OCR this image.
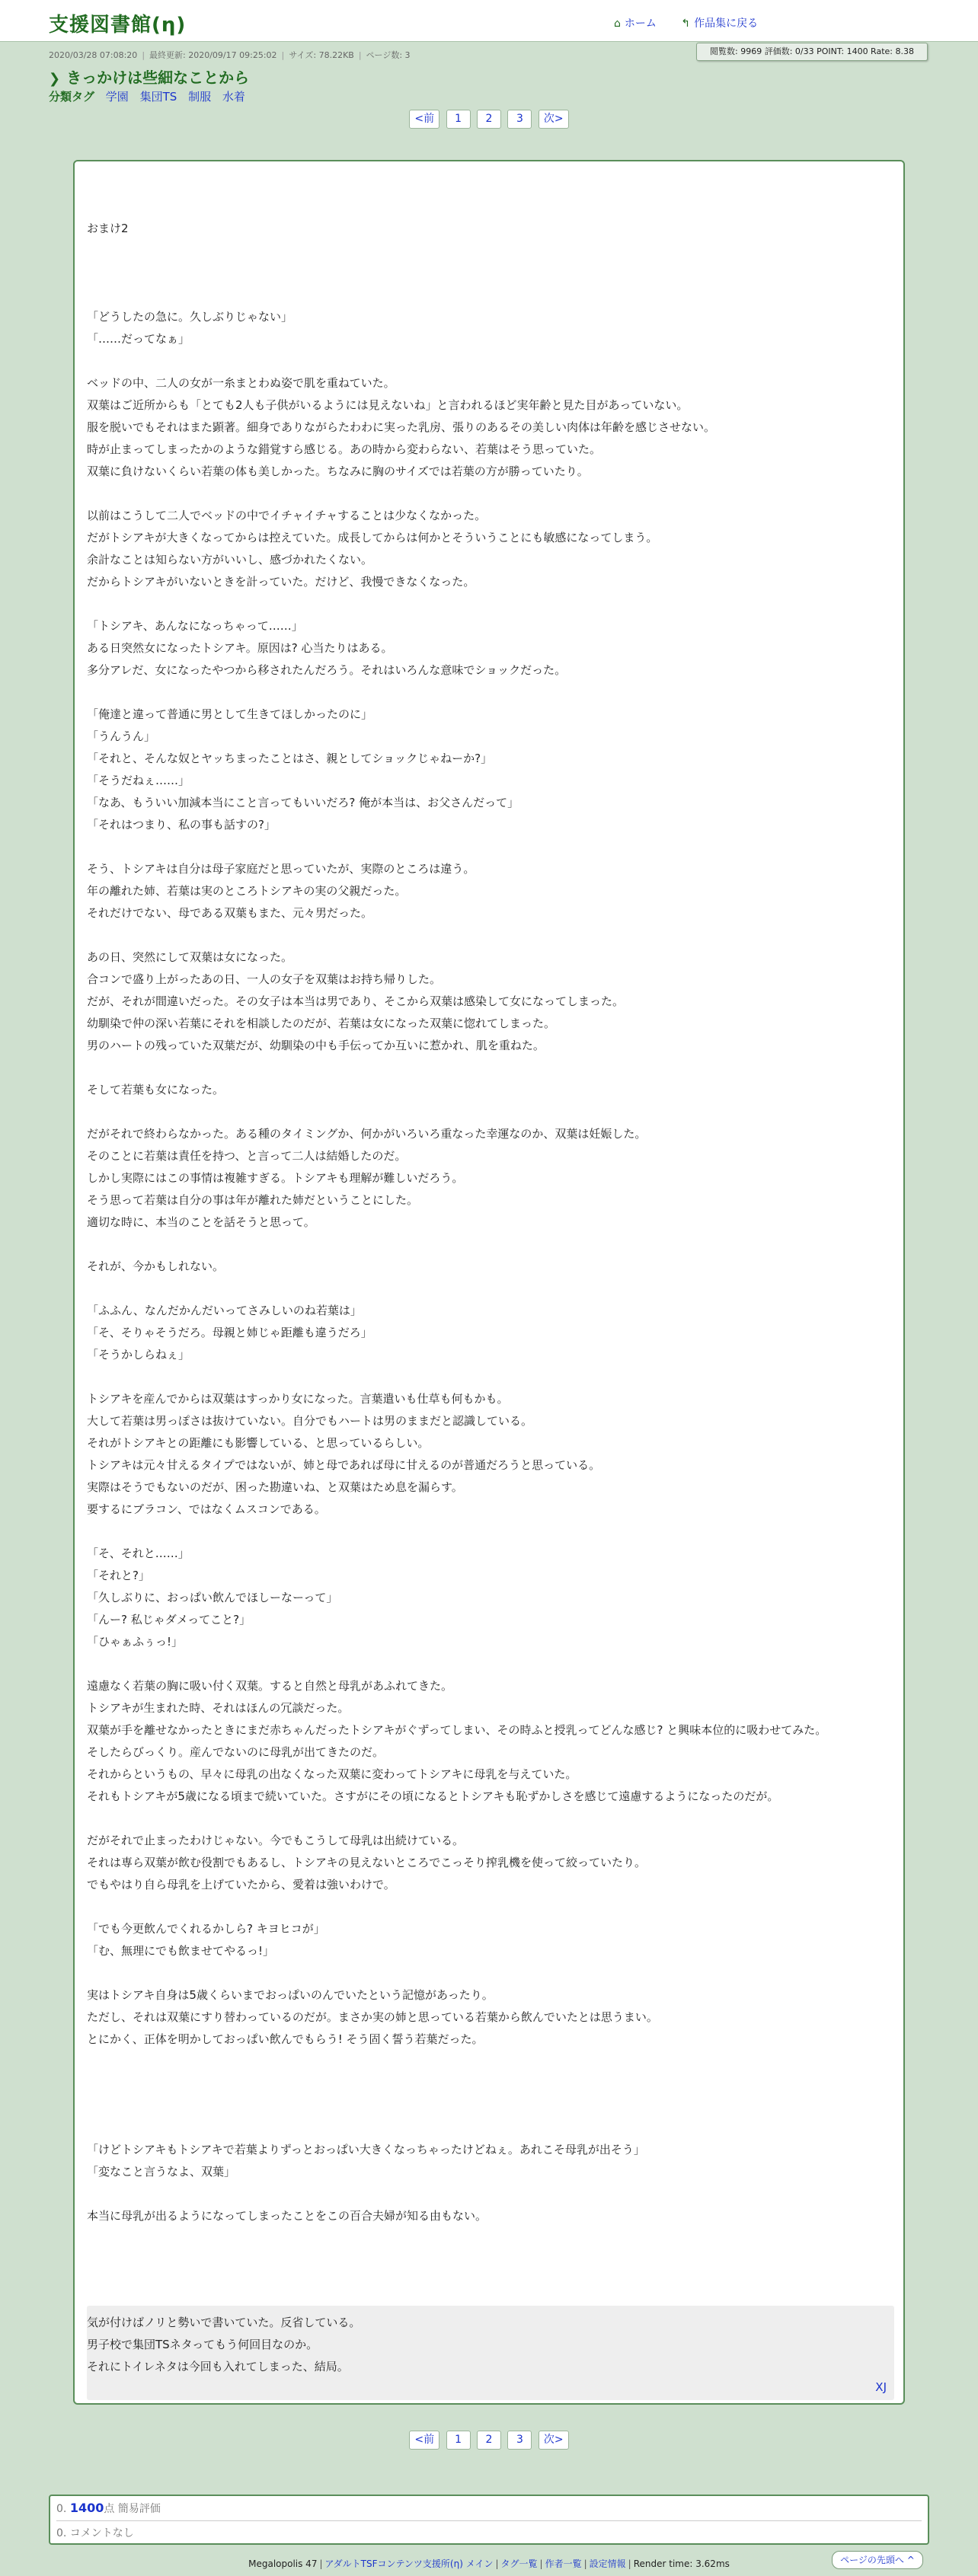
支援図書館(η)	⌂ ホーム ↰ 作品集に戻る
閲覧数: 9969 評価数: 0/33 POINT: 1400 Rate: 8.38
2020/03/28 07:08:20 | 最終更新: 2020/09/17 09:25:02 | サイズ: 78.22KB | ページ数: 3
❯ きっかけは些細なことから
分類タグ 学園 集団TS 制服 水着
<前 1 2 3 次>
おまけ2

「どうしたの急に。久しぶりじゃない」
「……だってなぁ」

ベッドの中、二人の女が一糸まとわぬ姿で肌を重ねていた。
双葉はご近所からも「とても2人も子供がいるようには見えないね」と言われるほど実年齢と見た目があっていない。
服を脱いでもそれはまた顕著。細身でありながらたわわに実った乳房、張りのあるその美しい肉体は年齢を感じさせない。
時が止まってしまったかのような錯覚すら感じる。あの時から変わらない、若葉はそう思っていた。
双葉に負けないくらい若葉の体も美しかった。ちなみに胸のサイズでは若葉の方が勝っていたり。

以前はこうして二人でベッドの中でイチャイチャすることは少なくなかった。
だがトシアキが大きくなってからは控えていた。成長してからは何かとそういうことにも敏感になってしまう。
余計なことは知らない方がいいし、感づかれたくない。
だからトシアキがいないときを計っていた。だけど、我慢できなくなった。

「トシアキ、あんなになっちゃって……」
ある日突然女になったトシアキ。原因は? 心当たりはある。
多分アレだ、女になったやつから移されたんだろう。それはいろんな意味でショックだった。

「俺達と違って普通に男として生きてほしかったのに」
「うんうん」
「それと、そんな奴とヤッちまったことはさ、親としてショックじゃねーか?」
「そうだねぇ……」
「なあ、もういい加減本当にこと言ってもいいだろ? 俺が本当は、お父さんだって」
「それはつまり、私の事も話すの?」

そう、トシアキは自分は母子家庭だと思っていたが、実際のところは違う。
年の離れた姉、若葉は実のところトシアキの実の父親だった。
それだけでない、母である双葉もまた、元々男だった。

あの日、突然にして双葉は女になった。
合コンで盛り上がったあの日、一人の女子を双葉はお持ち帰りした。
だが、それが間違いだった。その女子は本当は男であり、そこから双葉は感染して女になってしまった。
幼馴染で仲の深い若葉にそれを相談したのだが、若葉は女になった双葉に惚れてしまった。
男のハートの残っていた双葉だが、幼馴染の中も手伝ってか互いに惹かれ、肌を重ねた。

そして若葉も女になった。

だがそれで終わらなかった。ある種のタイミングか、何かがいろいろ重なった幸運なのか、双葉は妊娠した。
そのことに若葉は責任を持つ、と言って二人は結婚したのだ。
しかし実際にはこの事情は複雑すぎる。トシアキも理解が難しいだろう。
そう思って若葉は自分の事は年が離れた姉だということにした。
適切な時に、本当のことを話そうと思って。

それが、今かもしれない。

「ふふん、なんだかんだいってさみしいのね若葉は」
「そ、そりゃそうだろ。母親と姉じゃ距離も違うだろ」
「そうかしらねぇ」

トシアキを産んでからは双葉はすっかり女になった。言葉遣いも仕草も何もかも。
大して若葉は男っぽさは抜けていない。自分でもハートは男のままだと認識している。
それがトシアキとの距離にも影響している、と思っているらしい。
トシアキは元々甘えるタイプではないが、姉と母であれば母に甘えるのが普通だろうと思っている。
実際はそうでもないのだが、困った勘違いね、と双葉はため息を漏らす。
要するにブラコン、ではなくムスコンである。

「そ、それと……」
「それと?」
「久しぶりに、おっぱい飲んでほしーなーって」
「んー? 私じゃダメってこと?」
「ひゃぁふぅっ!」

遠慮なく若葉の胸に吸い付く双葉。すると自然と母乳があふれてきた。
トシアキが生まれた時、それはほんの冗談だった。
双葉が手を離せなかったときにまだ赤ちゃんだったトシアキがぐずってしまい、その時ふと授乳ってどんな感じ? と興味本位的に吸わせてみた。
そしたらびっくり。産んでないのに母乳が出てきたのだ。
それからというもの、早々に母乳の出なくなった双葉に変わってトシアキに母乳を与えていた。
それもトシアキが5歳になる頃まで続いていた。さすがにその頃になるとトシアキも恥ずかしさを感じて遠慮するようになったのだが。

だがそれで止まったわけじゃない。今でもこうして母乳は出続けている。
それは専ら双葉が飲む役割でもあるし、トシアキの見えないところでこっそり搾乳機を使って絞っていたり。
でもやはり自ら母乳を上げていたから、愛着は強いわけで。

「でも今更飲んでくれるかしら? キヨヒコが」
「む、無理にでも飲ませてやるっ!」

実はトシアキ自身は5歳くらいまでおっぱいのんでいたという記憶があったり。
ただし、それは双葉にすり替わっているのだが。まさか実の姉と思っている若葉から飲んでいたとは思うまい。
とにかく、正体を明かしておっぱい飲んでもらう! そう固く誓う若葉だった。

「けどトシアキもトシアキで若葉よりずっとおっぱい大きくなっちゃったけどねぇ。あれこそ母乳が出そう」
「変なこと言うなよ、双葉」

本当に母乳が出るようになってしまったことをこの百合夫婦が知る由もない。
気が付けばノリと勢いで書いていた。反省している。
男子校で集団TSネタってもう何回目なのか。
それにトイレネタは今回も入れてしまった、結局。
XJ
<前 1 2 3 次>
0. 1400点 簡易評価
0. コメントなし
Megalopolis 47 | アダルトTSFコンテンツ支援所(η) メイン | タグ一覧 | 作者一覧 | 設定情報 | Render time: 3.62ms	ページの先頭へ ^
